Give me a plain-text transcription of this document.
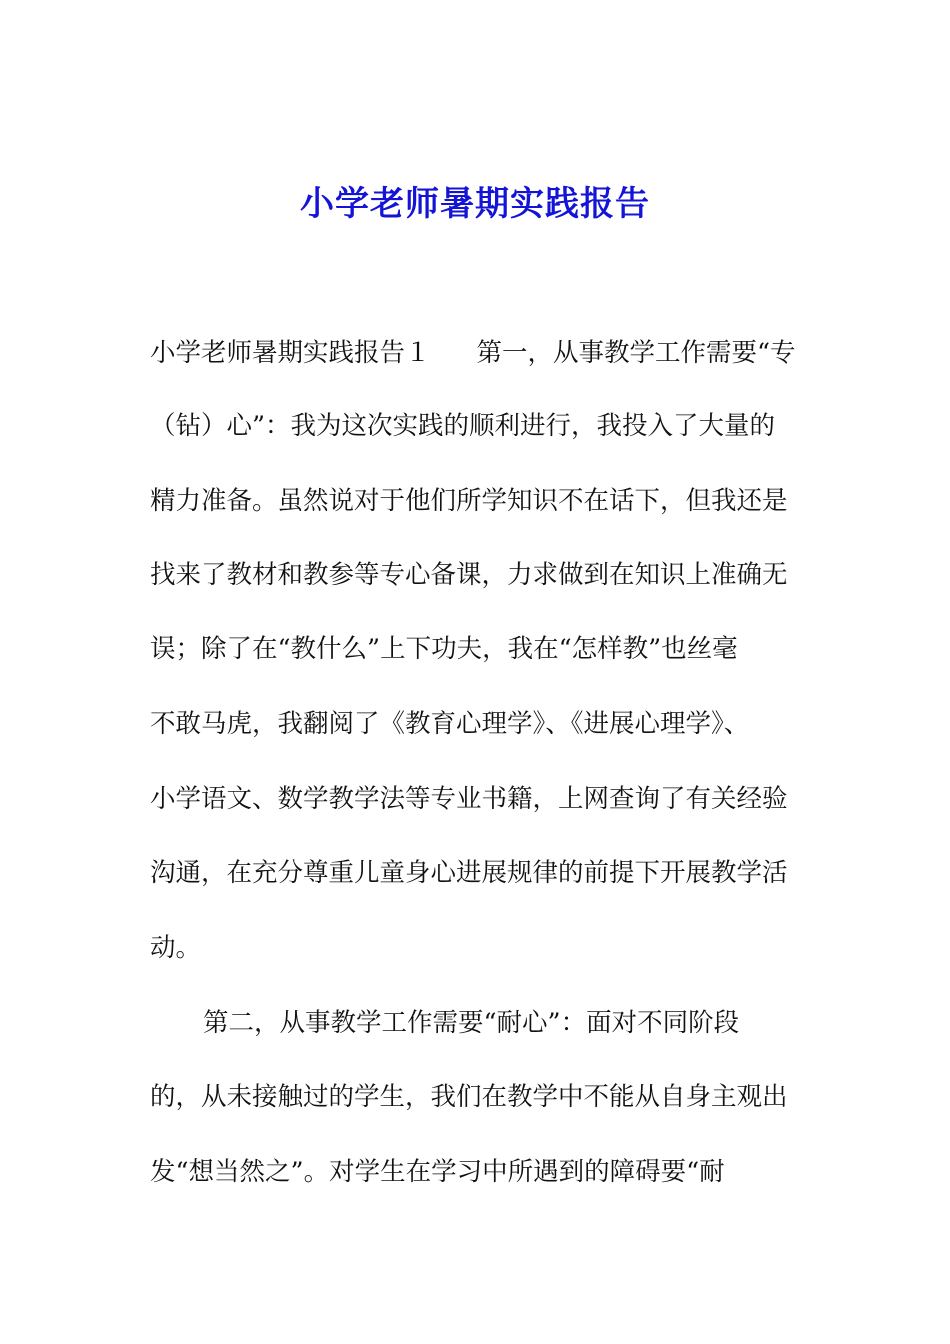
小学老师暑期实践报告
小学老师暑期实践报告１ 第一，从事教学工作需要“专
（钻）心”：我为这次实践的顺利进行，我投入了大量的
精力准备。虽然说对于他们所学知识不在话下，但我还是
找来了教材和教参等专心备课，力求做到在知识上准确无
误；除了在“教什么”上下功夫，我在“怎样教”也丝毫
不敢马虎，我翻阅了《教育心理学》、《进展心理学》、
小学语文、数学教学法等专业书籍，上网查询了有关经验
沟通，在充分尊重儿童身心进展规律的前提下开展教学活
动。
第二，从事教学工作需要“耐心”：面对不同阶段
的，从未接触过的学生，我们在教学中不能从自身主观出
发“想当然之”。对学生在学习中所遇到的障碍要“耐
